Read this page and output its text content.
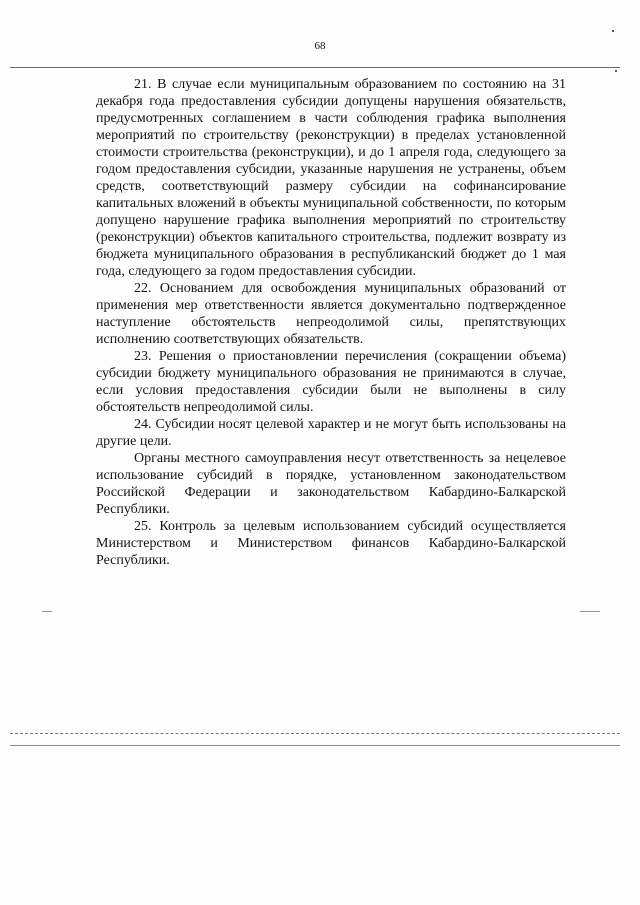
68

21. В случае если муниципальным образованием по состоянию на 31 декабря года предоставления субсидии допущены нарушения обязательств, предусмотренных соглашением в части соблюдения графика выполнения мероприятий по строительству (реконструкции) в пределах установленной стоимости строительства (реконструкции), и до 1 апреля года, следующего за годом предоставления субсидии, указанные нарушения не устранены, объем средств, соответствующий размеру субсидии на софинансирование капитальных вложений в объекты муниципальной собственности, по которым допущено нарушение графика выполнения мероприятий по строительству (реконструкции) объектов капитального строительства, подлежит возврату из бюджета муниципального образования в республиканский бюджет до 1 мая года, следующего за годом предоставления субсидии.

22. Основанием для освобождения муниципальных образований от применения мер ответственности является документально подтвержденное наступление обстоятельств непреодолимой силы, препятствующих исполнению соответствующих обязательств.

23. Решения о приостановлении перечисления (сокращении объема) субсидии бюджету муниципального образования не принимаются в случае, если условия предоставления субсидии были не выполнены в силу обстоятельств непреодолимой силы.

24. Субсидии носят целевой характер и не могут быть использованы на другие цели.

Органы местного самоуправления несут ответственность за нецелевое использование субсидий в порядке, установленном законодательством Российской Федерации и законодательством Кабардино-Балкарской Республики.

25. Контроль за целевым использованием субсидий осуществляется Министерством и Министерством финансов Кабардино-Балкарской Республики.
